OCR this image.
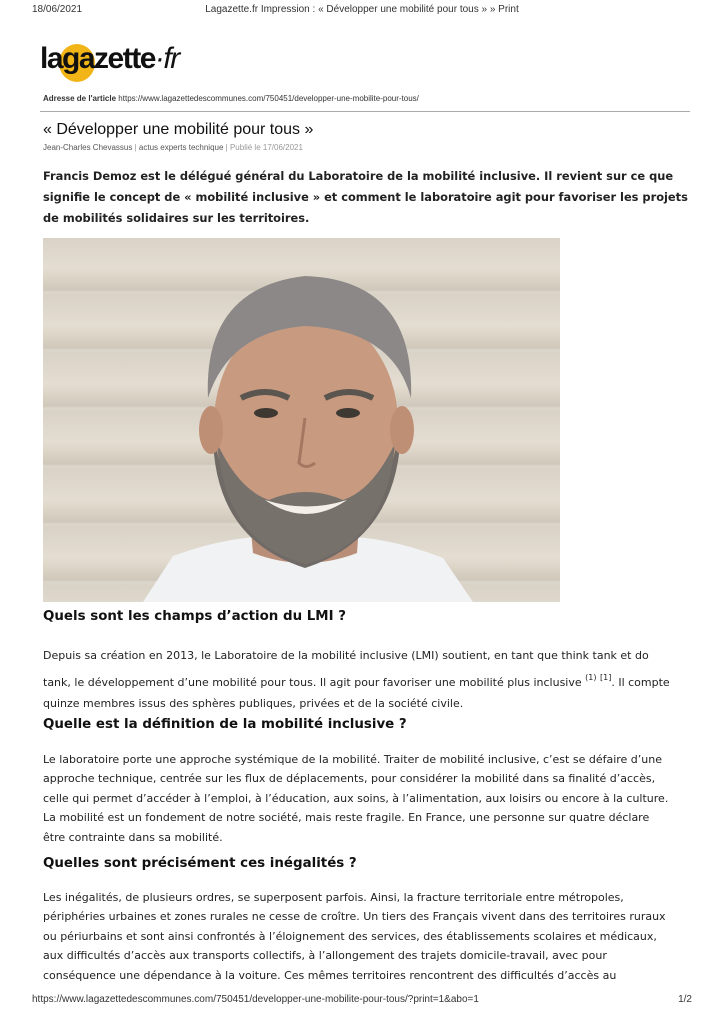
18/06/2021	Lagazette.fr Impression : « Développer une mobilité pour tous » » Print
lagazette·fr
Adresse de l'article https://www.lagazettedescommunes.com/750451/developper-une-mobilite-pour-tous/
« Développer une mobilité pour tous »
Jean-Charles Chevassus | actus experts technique | Publié le 17/06/2021
Francis Demoz est le délégué général du Laboratoire de la mobilité inclusive. Il revient sur ce que
signifie le concept de « mobilité inclusive » et comment le laboratoire agit pour favoriser les projets
de mobilités solidaires sur les territoires.
Quels sont les champs d’action du LMI ?
Depuis sa création en 2013, le Laboratoire de la mobilité inclusive (LMI) soutient, en tant que think tank et do
tank, le développement d’une mobilité pour tous. Il agit pour favoriser une mobilité plus inclusive $^{(1)}$ [1]. Il compte
quinze membres issus des sphères publiques, privées et de la société civile.
Quelle est la définition de la mobilité inclusive ?
Le laboratoire porte une approche systémique de la mobilité. Traiter de mobilité inclusive, c’est se défaire d’une
approche technique, centrée sur les flux de déplacements, pour considérer la mobilité dans sa finalité d’accès,
celle qui permet d’accéder à l’emploi, à l’éducation, aux soins, à l’alimentation, aux loisirs ou encore à la culture.
La mobilité est un fondement de notre société, mais reste fragile. En France, une personne sur quatre déclare
être contrainte dans sa mobilité.
Quelles sont précisément ces inégalités ?
Les inégalités, de plusieurs ordres, se superposent parfois. Ainsi, la fracture territoriale entre métropoles,
périphéries urbaines et zones rurales ne cesse de croître. Un tiers des Français vivent dans des territoires ruraux
ou périurbains et sont ainsi confrontés à l’éloignement des services, des établissements scolaires et médicaux,
aux difficultés d’accès aux transports collectifs, à l’allongement des trajets domicile-travail, avec pour
conséquence une dépendance à la voiture. Ces mêmes territoires rencontrent des difficultés d’accès au
https://www.lagazettedescommunes.com/750451/developper-une-mobilite-pour-tous/?print=1&abo=1	1/2
